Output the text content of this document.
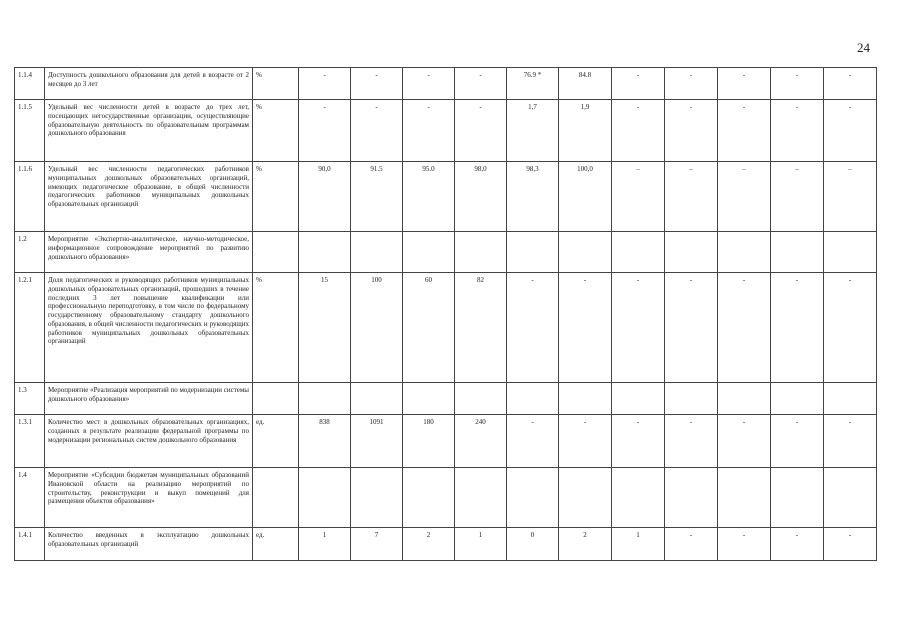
24
1.1.4	Доступность дошкольного образования для детей в возрасте от 2 месяцев до 3 лет	%	-	-	-	-	76.9 *	84.8	-	-	-	-	-
1.1.5	Удельный вес численности детей в возрасте до трех лет, посещающих негосударственные организации, осуществляющие образовательную деятельность по образовательным программам дошкольного образования	%	-	-	-	-	1,7	1,9	-	-	-	-	-
1.1.6	Удельный вес численности педагогических работников муниципальных дошкольных образовательных организаций, имеющих педагогическое образование, в общей численности педагогических работников муниципальных дошкольных образовательных организаций	%	90,0	91.5	95.0	98,0	98,3	100,0	–	–	–	–	–
1.2	Мероприятие «Экспертно-аналитическое, научно-методическое, информационное сопровождение мероприятий по развитию дошкольного образования»												
1.2.1	Доля педагогических и руководящих работников муниципальных дошкольных образовательных организаций, прошедших в течение последних 3 лет повышение квалификации или профессиональную переподготовку, в том числе по федеральному государственному образовательному стандарту дошкольного образования, в общей численности педагогических и руководящих работников муниципальных дошкольных образовательных организаций	%	15	100	60	82	-	-	-	-	-	-	-
1.3	Мероприятие «Реализация мероприятий по модернизации системы дошкольного образования»												
1.3.1	Количество мест в дошкольных образовательных организациях, созданных в результате реализации федеральной программы по модернизации региональных систем дошкольного образования	ед.	838	1091	180	240	-	-	-	-	-	-	-
1.4	Мероприятие «Субсидии бюджетам муниципальных образований Ивановской области на реализацию мероприятий по строительству, реконструкции и выкуп помещений для размещения объектов образования»												
1.4.1	Количество введенных в эксплуатацию дошкольных образовательных организаций	ед.	1	7	2	1	0	2	1	-	-	-	-
